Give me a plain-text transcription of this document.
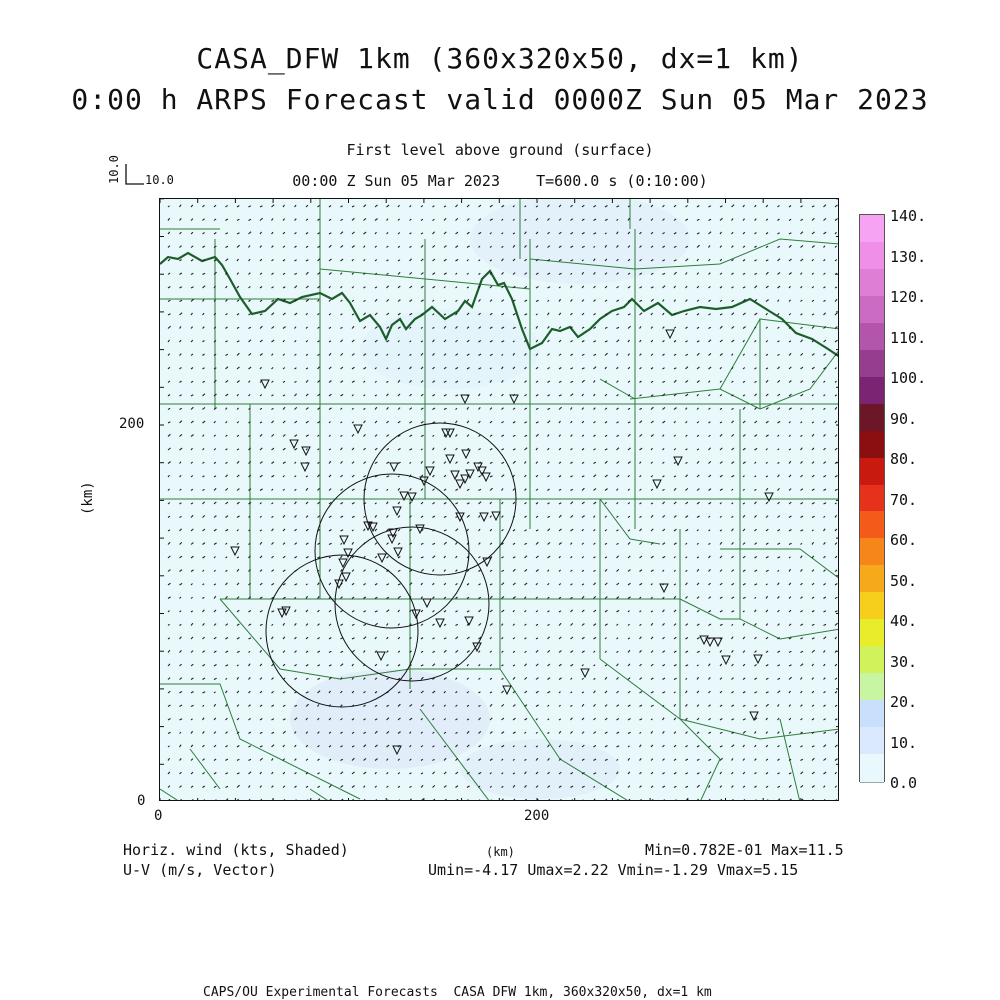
CASA_DFW 1km (360x320x50, dx=1 km)
0:00 h ARPS Forecast valid 0000Z Sun 05 Mar 2023
First level above ground (surface)
00:00 Z Sun 05 Mar 2023    T=600.0 s (0:10:00)
10.0 10.0
(km)
200
0
0	200
140.
130.
120.
110.
100.
90.
80.
70.
60.
50.
40.
30.
20.
10.
0.0
Horiz. wind (kts, Shaded)
U-V (m/s, Vector)
(km)	Min=0.782E-01 Max=11.5
Umin=-4.17 Umax=2.22 Vmin=-1.29 Vmax=5.15
CAPS/OU Experimental Forecasts  CASA DFW 1km, 360x320x50, dx=1 km
